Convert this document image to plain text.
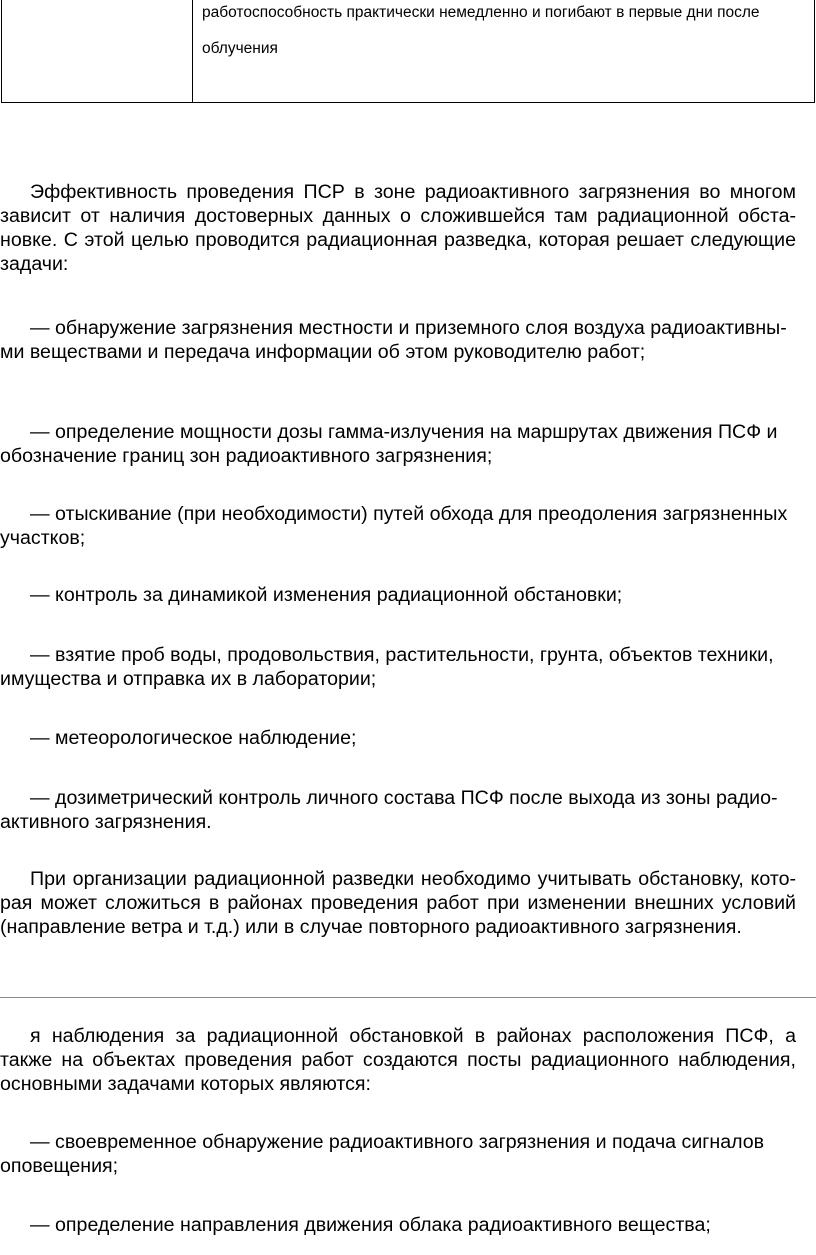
работоспособность практически немедленно и погибают в первые дни после
облучения

Эффективность проведения ПСР в зоне радиоактивного загрязнения во многом зависит от наличия достоверных данных о сложившейся там радиационной обста-новке. С этой целью проводится радиационная разведка, которая решает следующие задачи:

— обнаружение загрязнения местности и приземного слоя воздуха радиоактивны-ми веществами и передача информации об этом руководителю работ;

— определение мощности дозы гамма-излучения на маршрутах движения ПСФ и обозначение границ зон радиоактивного загрязнения;

— отыскивание (при необходимости) путей обхода для преодоления загрязненных участков;

— контроль за динамикой изменения радиационной обстановки;

— взятие проб воды, продовольствия, растительности, грунта, объектов техники, имущества и отправка их в лаборатории;

— метеорологическое наблюдение;

— дозиметрический контроль личного состава ПСФ после выхода из зоны радио-активного загрязнения.

При организации радиационной разведки необходимо учитывать обстановку, кото-рая может сложиться в районах проведения работ при изменении внешних условий (направление ветра и т.д.) или в случае повторного радиоактивного загрязнения.

я наблюдения за радиационной обстановкой в районах расположения ПСФ, а также на объектах проведения работ создаются посты радиационного наблюдения, основными задачами которых являются:

— своевременное обнаружение радиоактивного загрязнения и подача сигналов оповещения;

— определение направления движения облака радиоактивного вещества;
